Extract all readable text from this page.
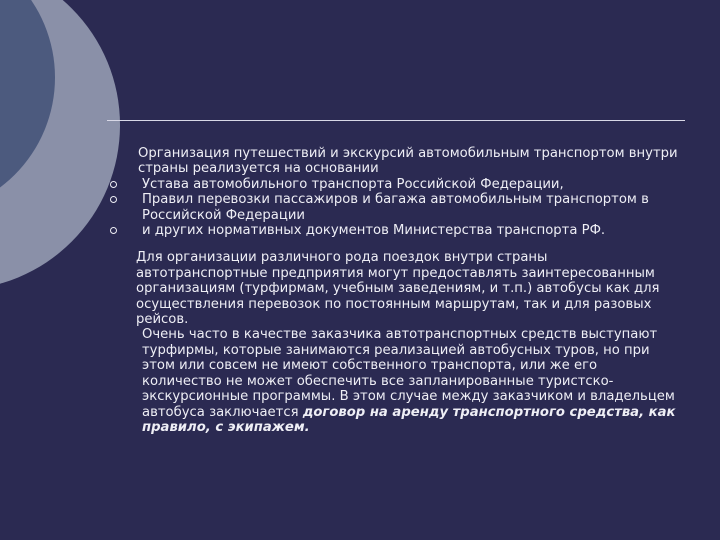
Организация путешествий и экскурсий автомобильным транспортом внутри страны реализуется на основании

Устава автомобильного транспорта Российской Федерации,

Правил перевозки пассажиров и багажа автомобильным транспортом в Российской Федерации

и других нормативных документов Министерства транспорта РФ.

Для организации различного рода поездок внутри страны автотранспортные предприятия могут предоставлять заинтересованным организациям (турфирмам, учебным заведениям, и т.п.) автобусы как для осуществления перевозок по постоянным маршрутам, так и для разовых рейсов.

Очень часто в качестве заказчика автотранспортных средств выступают турфирмы, которые занимаются реализацией автобусных туров, но при этом или совсем не имеют собственного транспорта, или же его количество не может обеспечить все запланированные туристско-экскурсионные программы. В этом случае между заказчиком и владельцем автобуса заключается договор на аренду транспортного средства, как правило, с экипажем.
